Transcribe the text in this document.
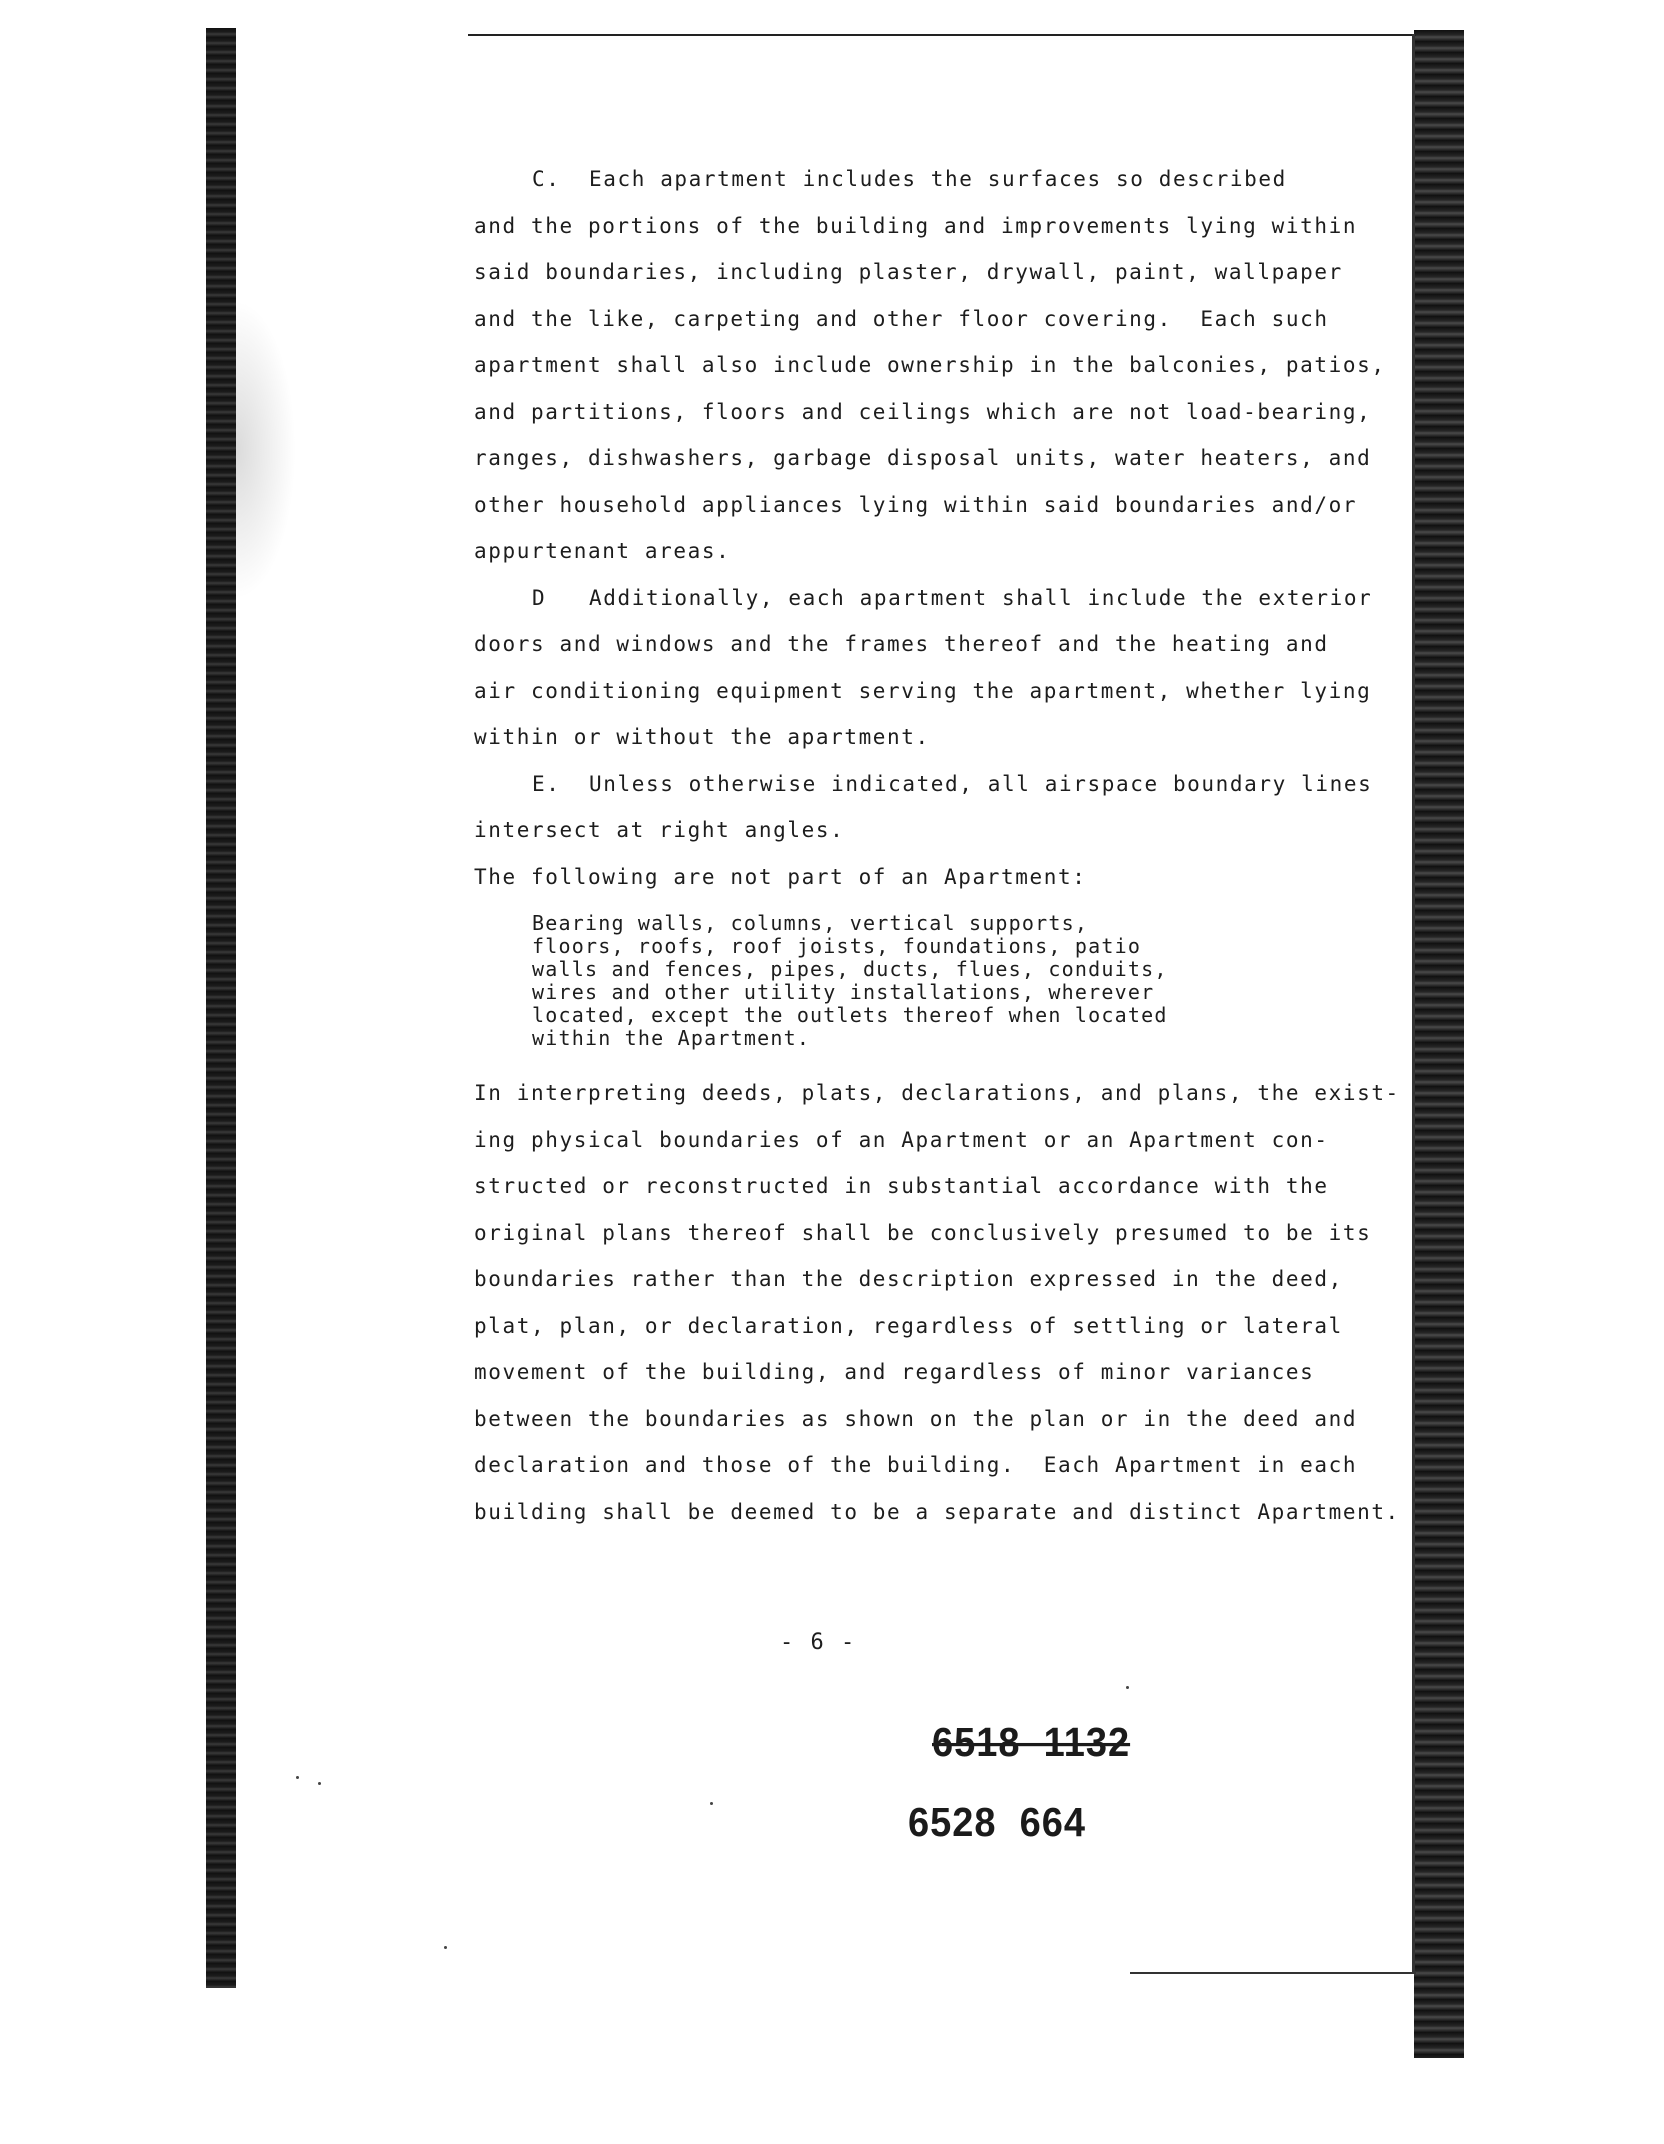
C.  Each apartment includes the surfaces so described
and the portions of the building and improvements lying within
said boundaries, including plaster, drywall, paint, wallpaper
and the like, carpeting and other floor covering.  Each such
apartment shall also include ownership in the balconies, patios,
and partitions, floors and ceilings which are not load-bearing,
ranges, dishwashers, garbage disposal units, water heaters, and
other household appliances lying within said boundaries and/or
appurtenant areas.
D   Additionally, each apartment shall include the exterior
doors and windows and the frames thereof and the heating and
air conditioning equipment serving the apartment, whether lying
within or without the apartment.
E.  Unless otherwise indicated, all airspace boundary lines
intersect at right angles.
The following are not part of an Apartment:
Bearing walls, columns, vertical supports,
floors, roofs, roof joists, foundations, patio
walls and fences, pipes, ducts, flues, conduits,
wires and other utility installations, wherever
located, except the outlets thereof when located
within the Apartment.
In interpreting deeds, plats, declarations, and plans, the exist-
ing physical boundaries of an Apartment or an Apartment con-
structed or reconstructed in substantial accordance with the
original plans thereof shall be conclusively presumed to be its
boundaries rather than the description expressed in the deed,
plat, plan, or declaration, regardless of settling or lateral
movement of the building, and regardless of minor variances
between the boundaries as shown on the plan or in the deed and
declaration and those of the building.  Each Apartment in each
building shall be deemed to be a separate and distinct Apartment.
- 6 -
6518  1132
6528  664
